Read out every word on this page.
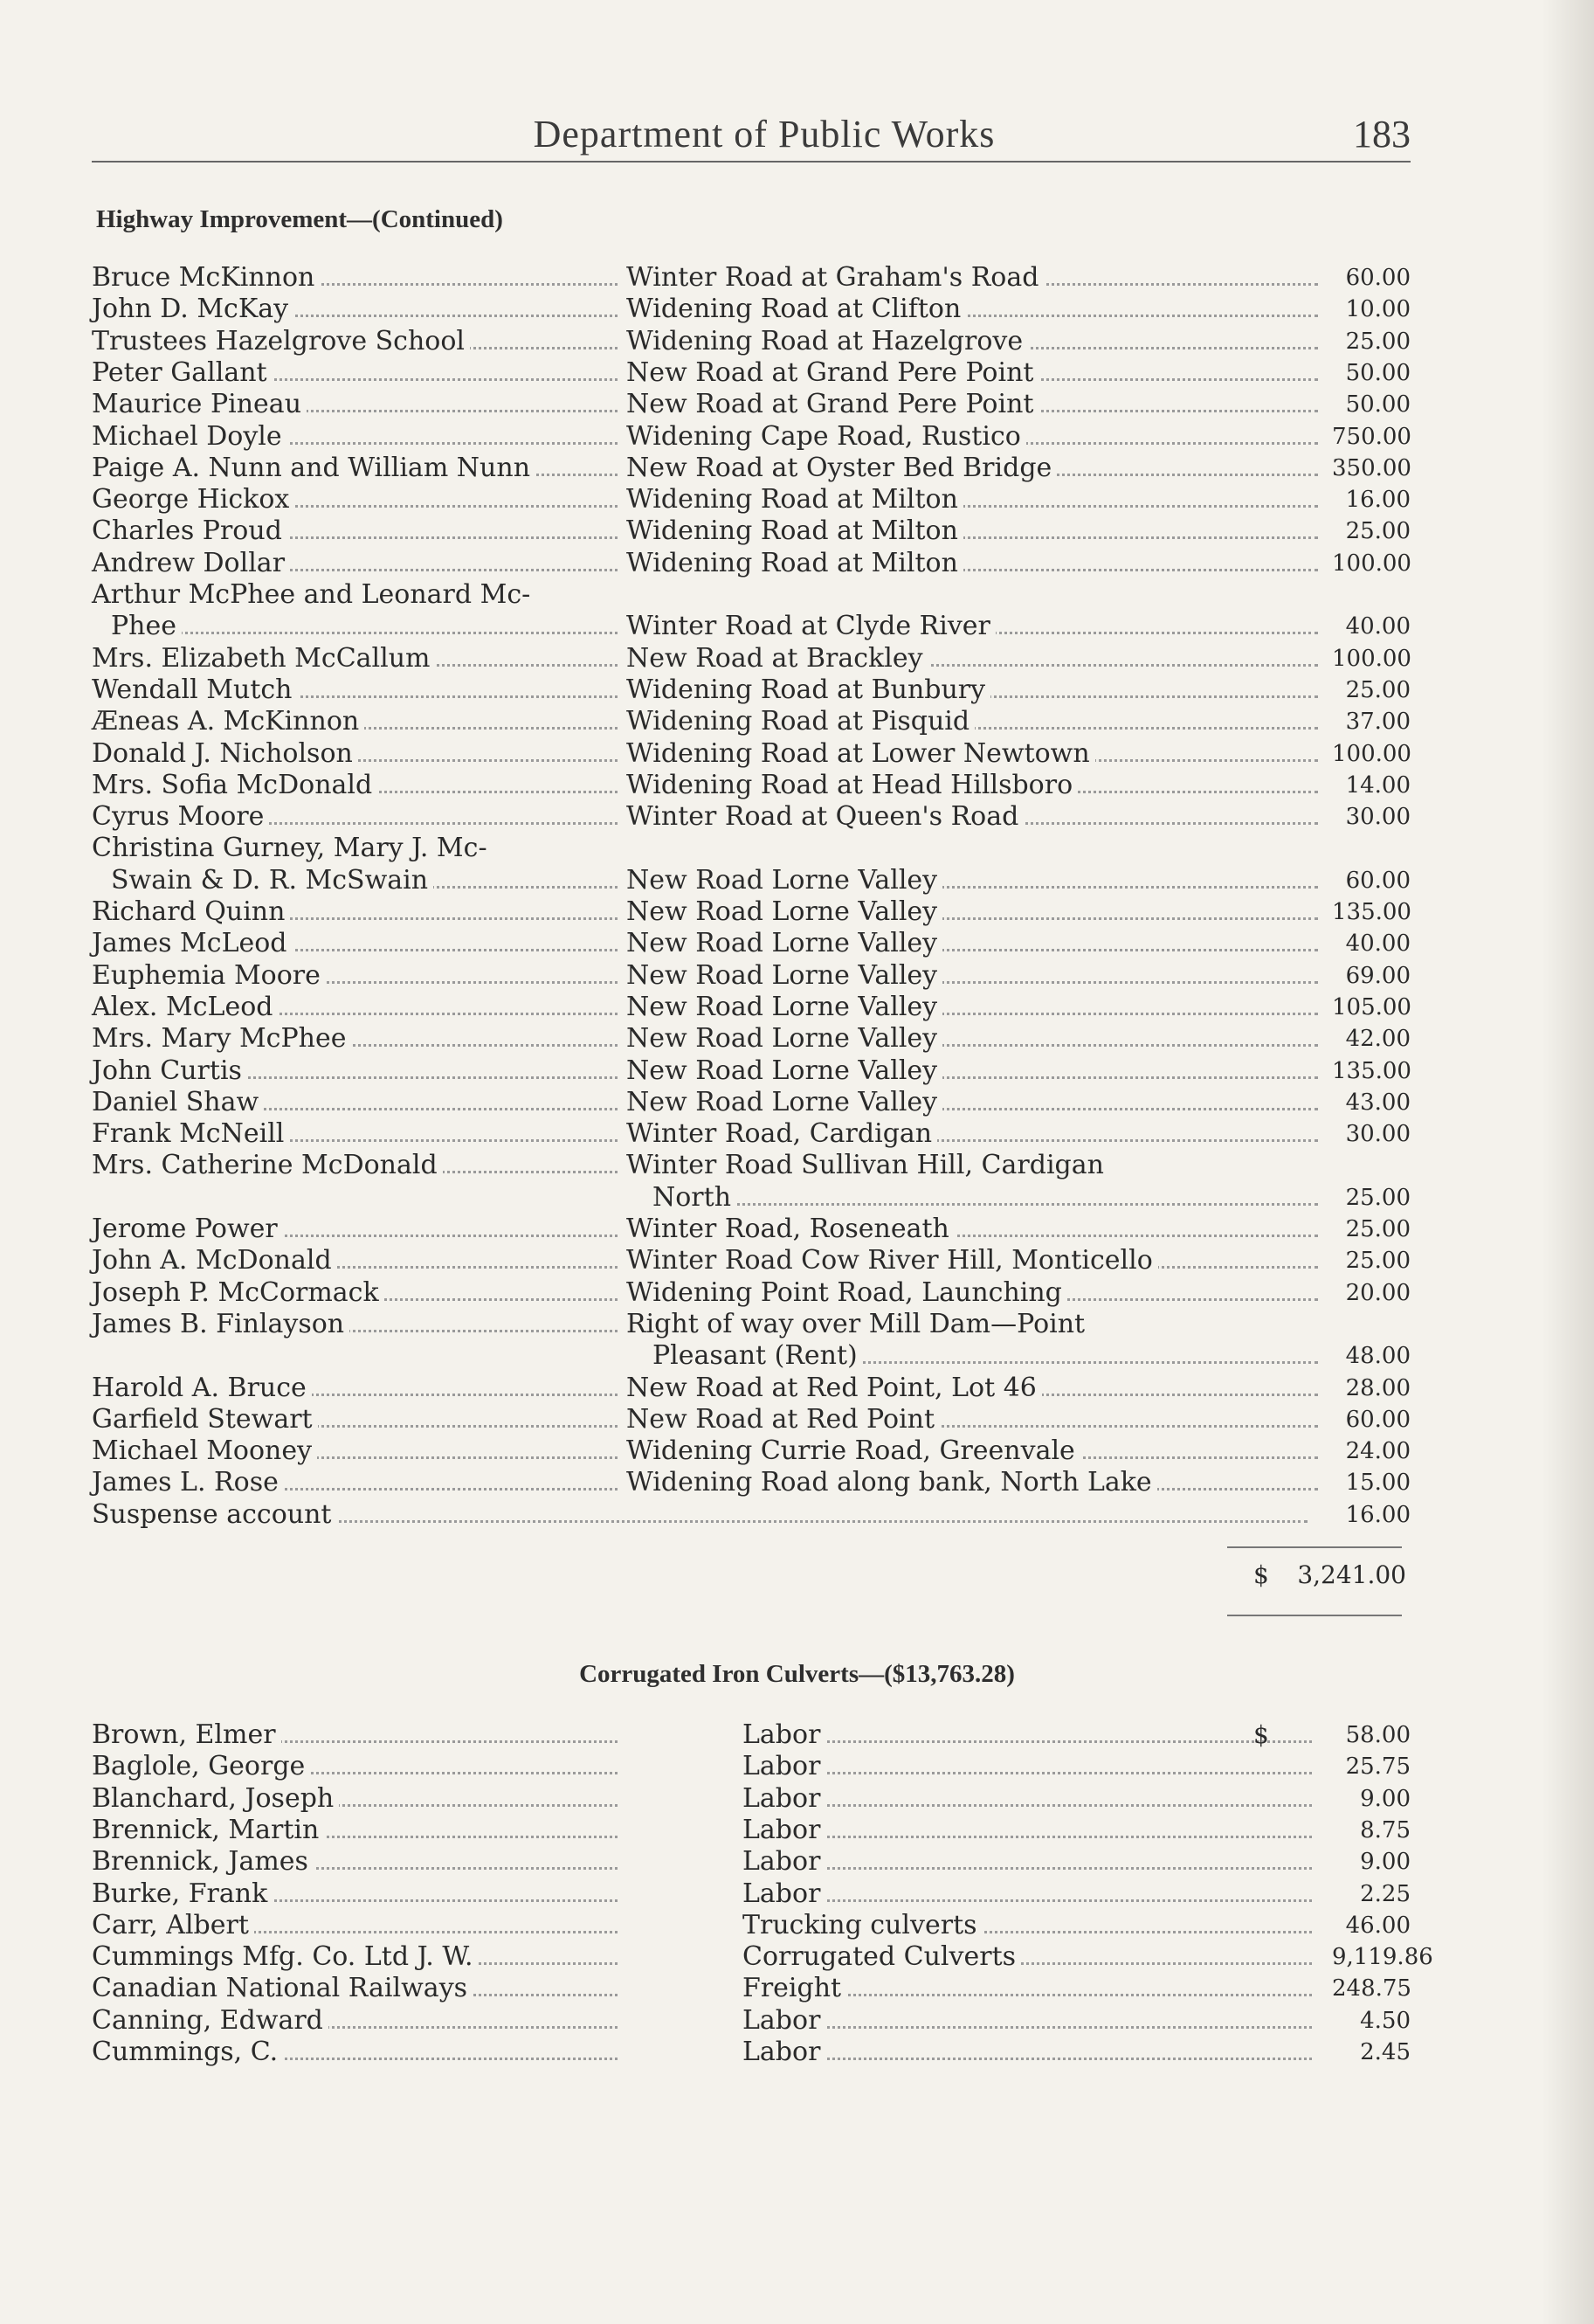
Department of Public Works	183
Highway Improvement—(Continued)
Bruce McKinnon	Winter Road at Graham's Road	60.00
John D. McKay	Widening Road at Clifton	10.00
Trustees Hazelgrove School	Widening Road at Hazelgrove	25.00
Peter Gallant	New Road at Grand Pere Point	50.00
Maurice Pineau	New Road at Grand Pere Point	50.00
Michael Doyle	Widening Cape Road, Rustico	750.00
Paige A. Nunn and William Nunn	New Road at Oyster Bed Bridge	350.00
George Hickox	Widening Road at Milton	16.00
Charles Proud	Widening Road at Milton	25.00
Andrew Dollar	Widening Road at Milton	100.00
Arthur McPhee and Leonard Mc-
Phee	Winter Road at Clyde River	40.00
Mrs. Elizabeth McCallum	New Road at Brackley	100.00
Wendall Mutch	Widening Road at Bunbury	25.00
Æneas A. McKinnon	Widening Road at Pisquid	37.00
Donald J. Nicholson	Widening Road at Lower Newtown	100.00
Mrs. Sofia McDonald	Widening Road at Head Hillsboro	14.00
Cyrus Moore	Winter Road at Queen's Road	30.00
Christina Gurney, Mary J. Mc-
Swain & D. R. McSwain	New Road Lorne Valley	60.00
Richard Quinn	New Road Lorne Valley	135.00
James McLeod	New Road Lorne Valley	40.00
Euphemia Moore	New Road Lorne Valley	69.00
Alex. McLeod	New Road Lorne Valley	105.00
Mrs. Mary McPhee	New Road Lorne Valley	42.00
John Curtis	New Road Lorne Valley	135.00
Daniel Shaw	New Road Lorne Valley	43.00
Frank McNeill	Winter Road, Cardigan	30.00
Mrs. Catherine McDonald	Winter Road Sullivan Hill, Cardigan
North	25.00
Jerome Power	Winter Road, Roseneath	25.00
John A. McDonald	Winter Road Cow River Hill, Monticello	25.00
Joseph P. McCormack	Widening Point Road, Launching	20.00
James B. Finlayson	Right of way over Mill Dam—Point
Pleasant (Rent)	48.00
Harold A. Bruce	New Road at Red Point, Lot 46	28.00
Garfield Stewart	New Road at Red Point	60.00
Michael Mooney	Widening Currie Road, Greenvale	24.00
James L. Rose	Widening Road along bank, North Lake	15.00
Suspense account	16.00
$ 3,241.00
Corrugated Iron Culverts—($13,763.28)
Brown, Elmer	Labor	$	58.00
Baglole, George	Labor	25.75
Blanchard, Joseph	Labor	9.00
Brennick, Martin	Labor	8.75
Brennick, James	Labor	9.00
Burke, Frank	Labor	2.25
Carr, Albert	Trucking culverts	46.00
Cummings Mfg. Co. Ltd J. W.	Corrugated Culverts	9,119.86
Canadian National Railways	Freight	248.75
Canning, Edward	Labor	4.50
Cummings, C.	Labor	2.45
